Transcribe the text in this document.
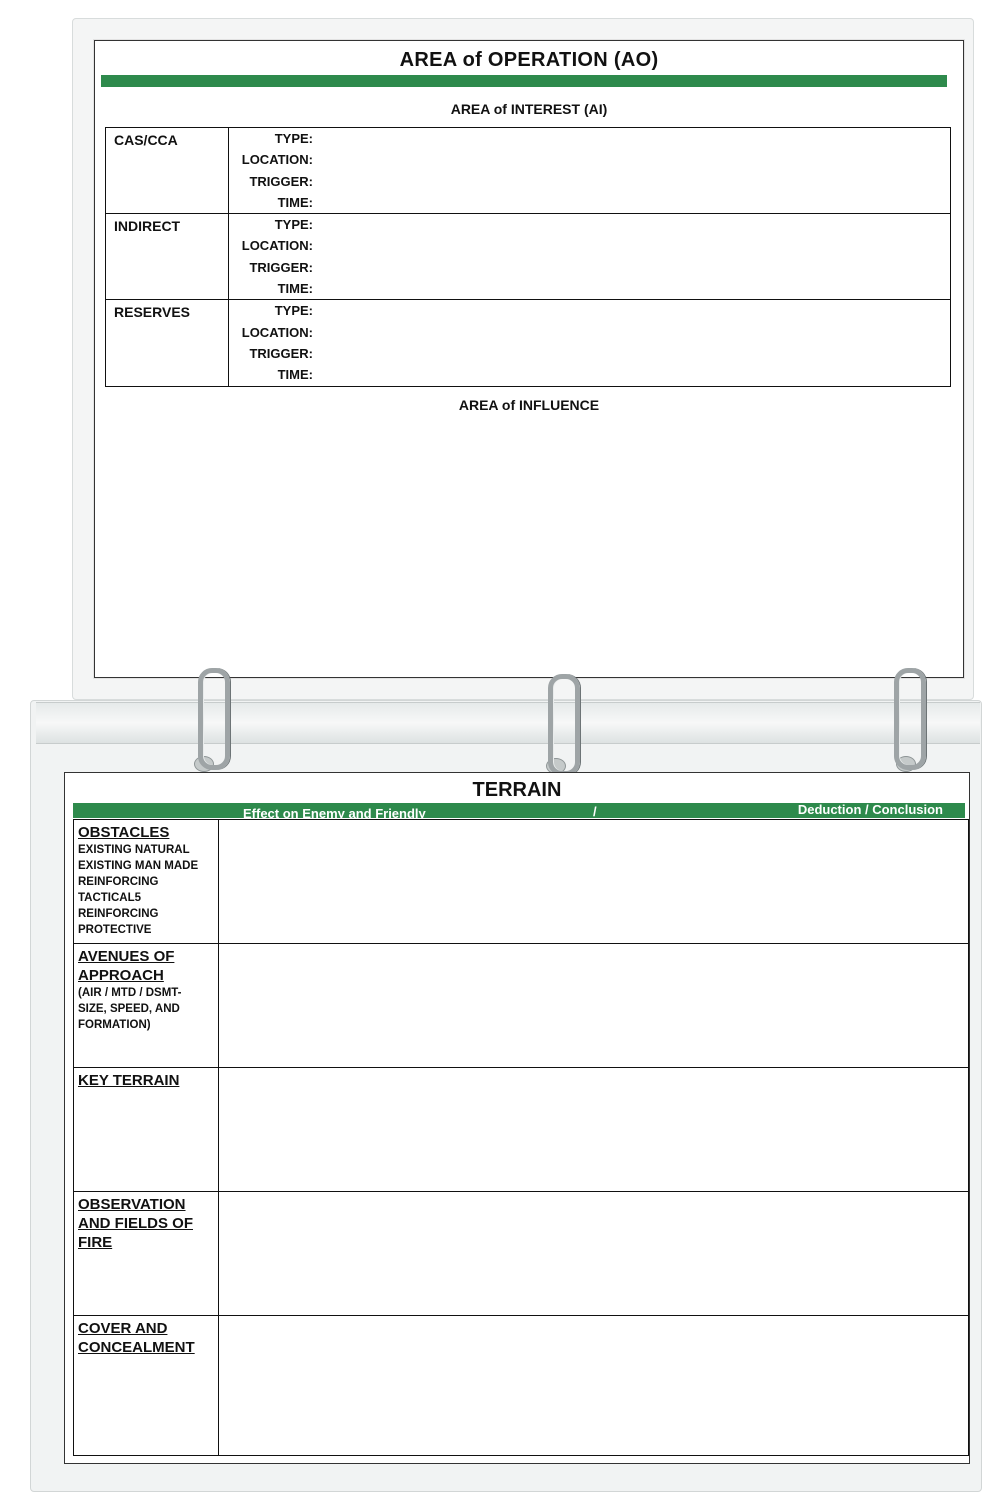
AREA of OPERATION (AO)
AREA of INTEREST (AI)
CAS/CCA	TYPE:
LOCATION:
TRIGGER:
TIME:

INDIRECT	TYPE:
LOCATION:
TRIGGER:
TIME:

RESERVES	TYPE:
LOCATION:
TRIGGER:
TIME:
AREA of INFLUENCE
TERRAIN
Effect on Enemy and Friendly	/	Deduction / Conclusion
OBSTACLES
EXISTING NATURAL
EXISTING MAN MADE
REINFORCING TACTICAL5
REINFORCING PROTECTIVE	

AVENUES OF APPROACH
(AIR / MTD / DSMT- SIZE, SPEED, AND FORMATION)	

KEY TERRAIN	

OBSERVATION AND FIELDS OF FIRE	

COVER AND CONCEALMENT	
